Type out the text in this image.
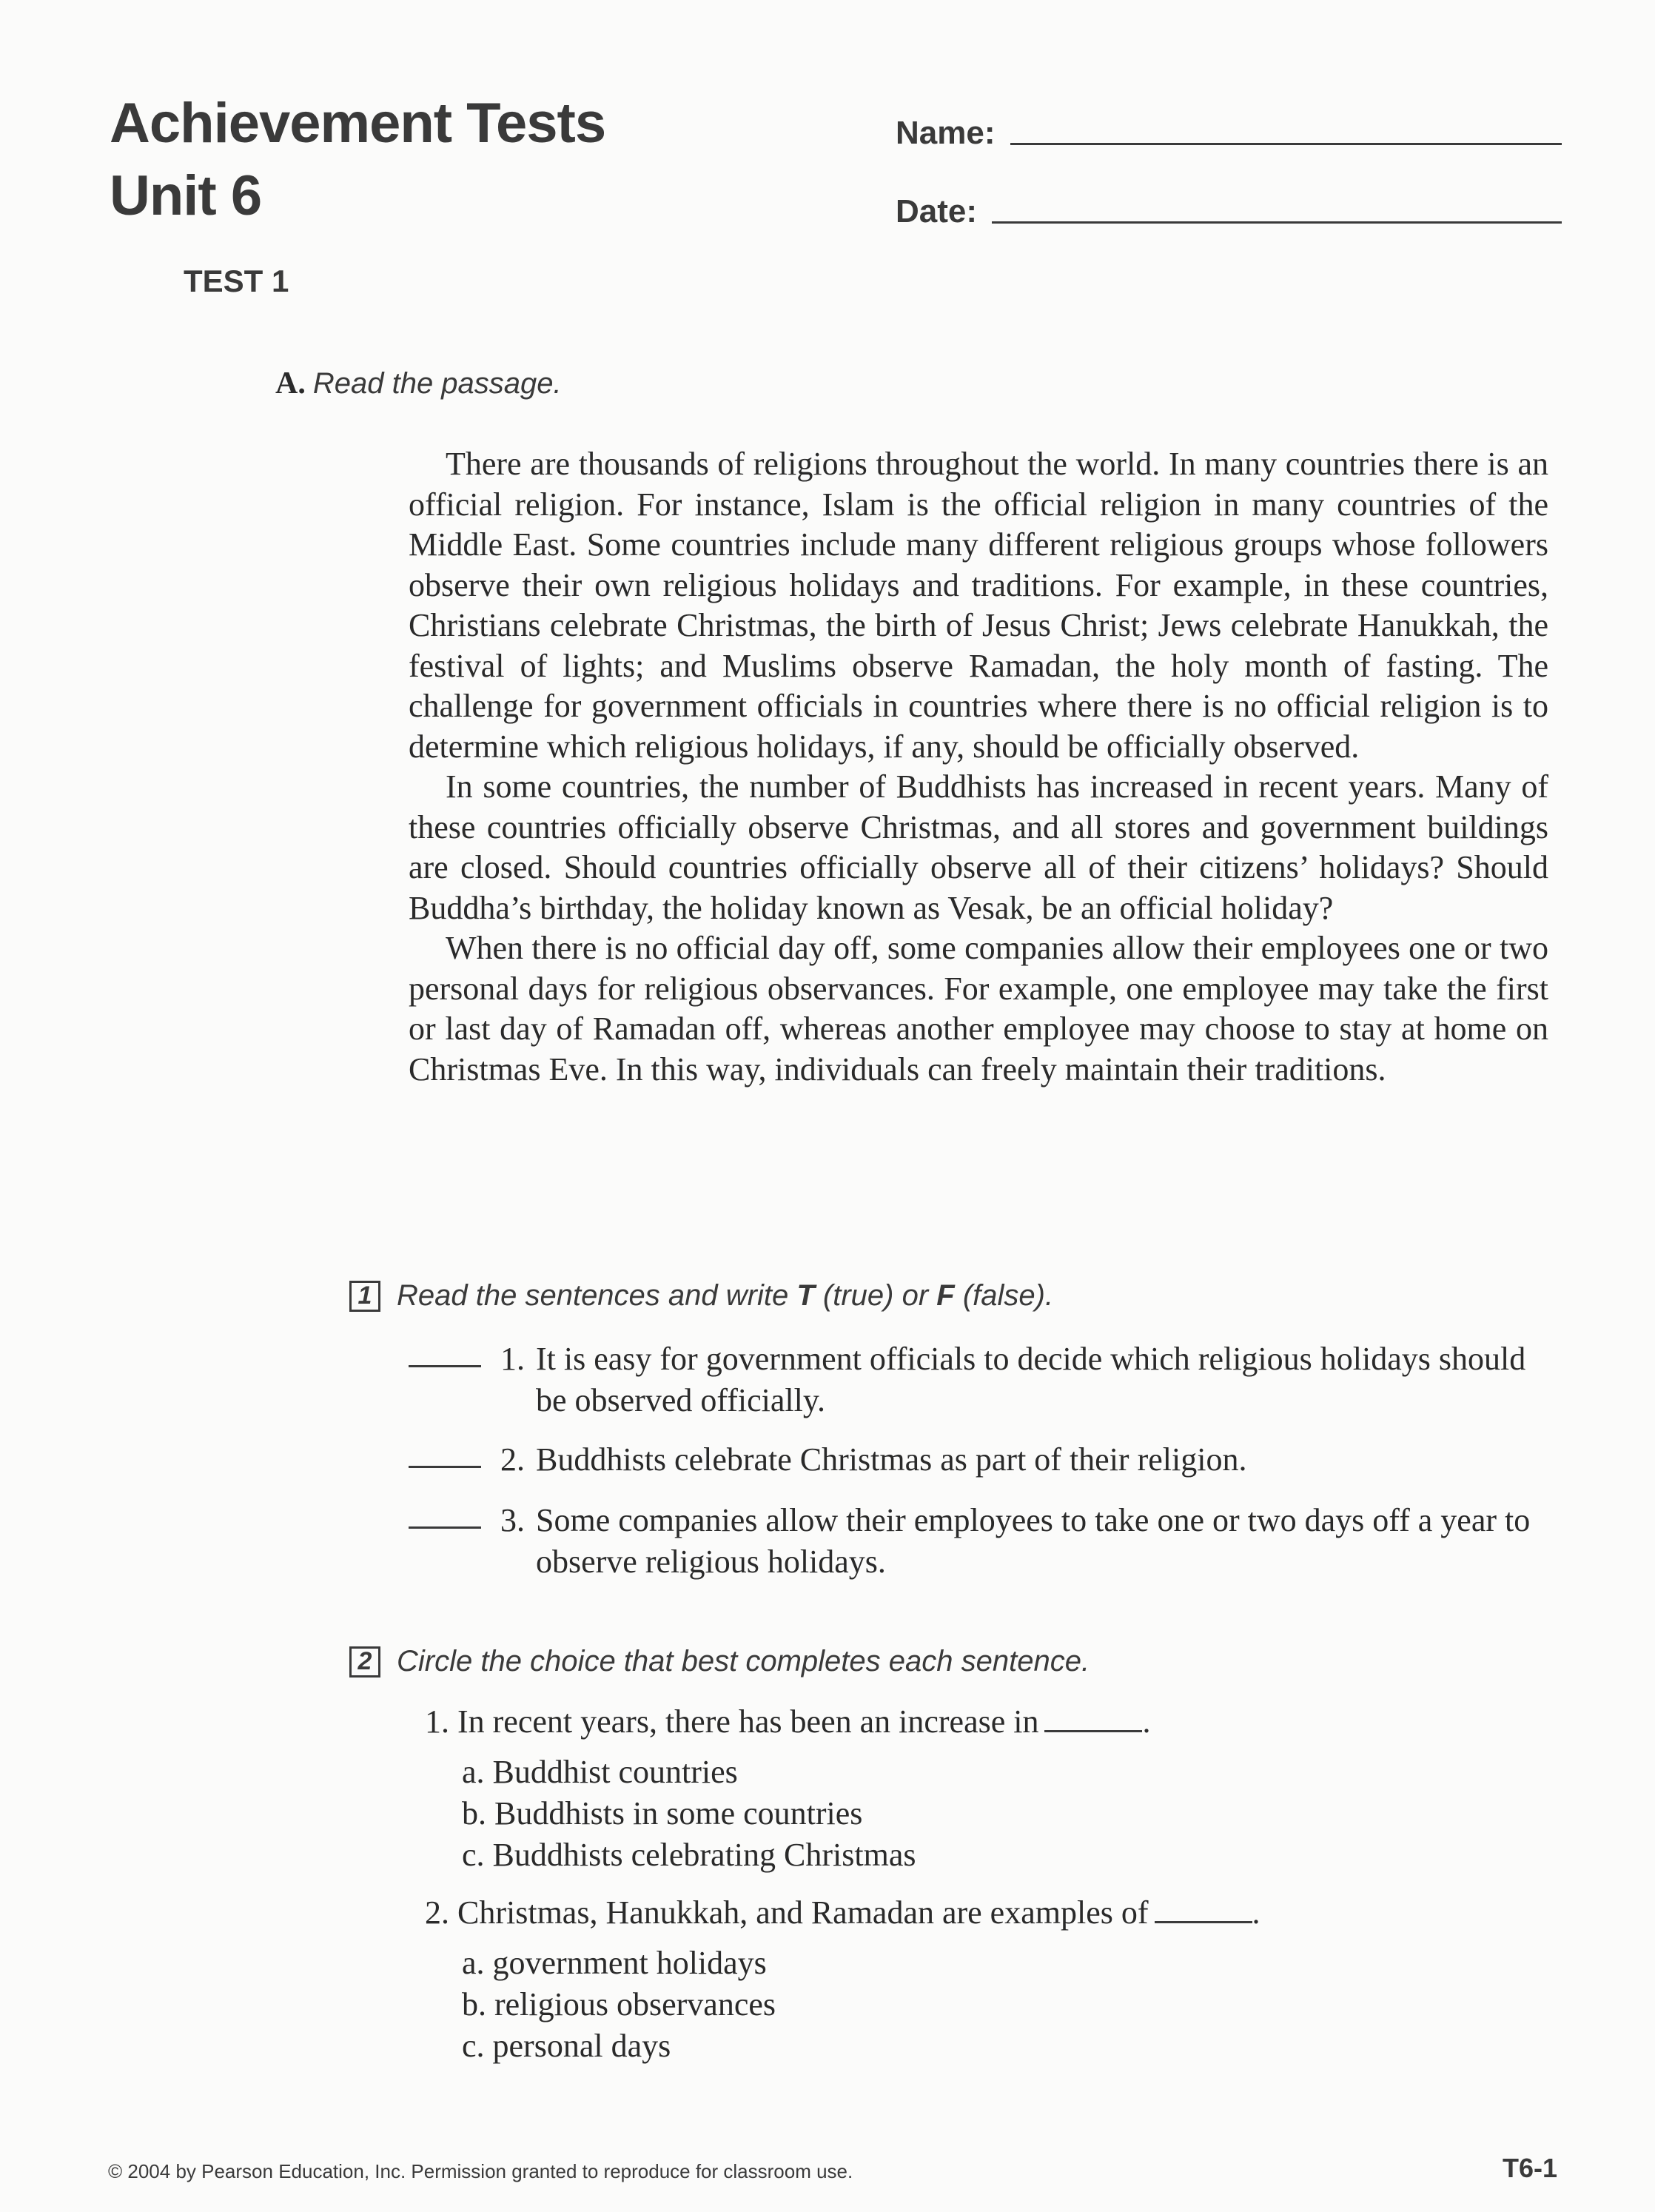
Achievement Tests
Unit 6
Name:
Date:
TEST 1
A. Read the passage.

There are thousands of religions throughout the world. In many countries there is an official religion. For instance, Islam is the official religion in many countries of the Middle East. Some countries include many different religious groups whose followers observe their own religious holidays and traditions. For example, in these countries, Christians celebrate Christmas, the birth of Jesus Christ; Jews celebrate Hanukkah, the festival of lights; and Muslims observe Ramadan, the holy month of fasting. The challenge for government officials in countries where there is no official religion is to determine which religious holidays, if any, should be officially observed.

In some countries, the number of Buddhists has increased in recent years. Many of these countries officially observe Christmas, and all stores and government buildings are closed. Should countries officially observe all of their citizens’ holidays? Should Buddha’s birthday, the holiday known as Vesak, be an official holiday?

When there is no official day off, some companies allow their employees one or two personal days for religious observances. For example, one employee may take the first or last day of Ramadan off, whereas another employee may choose to stay at home on Christmas Eve. In this way, individuals can freely maintain their traditions.

1 Read the sentences and write T (true) or F (false).
1. It is easy for government officials to decide which religious holidays should be observed officially.
2. Buddhists celebrate Christmas as part of their religion.
3. Some companies allow their employees to take one or two days off a year to observe religious holidays.
2 Circle the choice that best completes each sentence.
1. In recent years, there has been an increase in	.
a. Buddhist countries
b. Buddhists in some countries
c. Buddhists celebrating Christmas
2. Christmas, Hanukkah, and Ramadan are examples of	.
a. government holidays
b. religious observances
c. personal days
© 2004 by Pearson Education, Inc. Permission granted to reproduce for classroom use.	T6-1
